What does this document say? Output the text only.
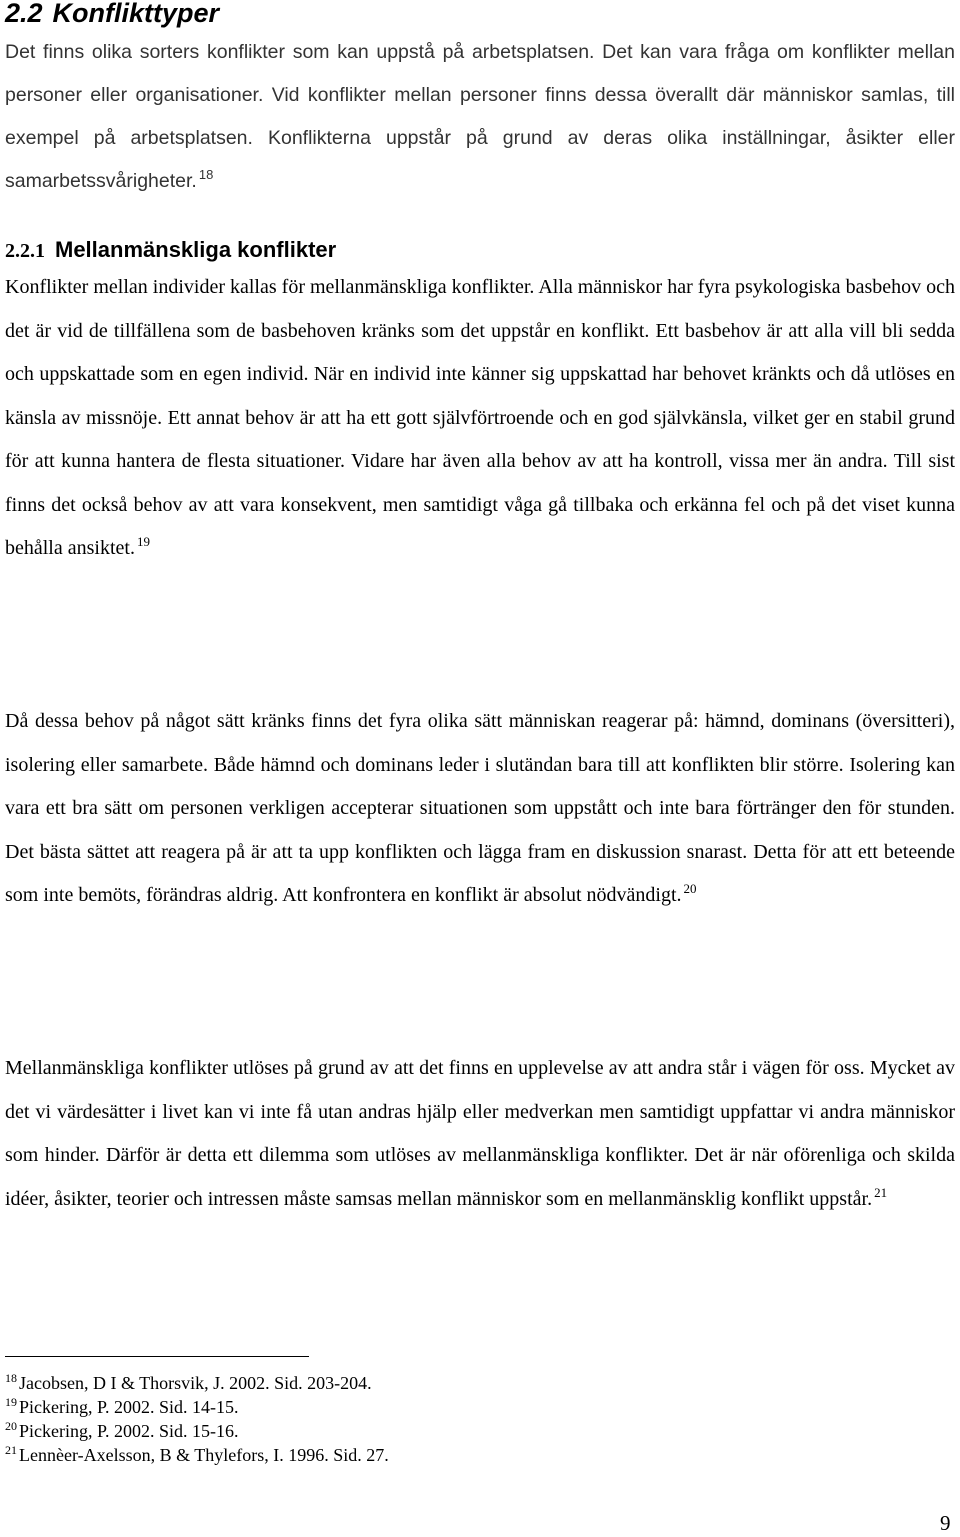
2.2 Konflikttyper

Det finns olika sorters konflikter som kan uppstå på arbetsplatsen. Det kan vara fråga om konflikter mellan personer eller organisationer. Vid konflikter mellan personer finns dessa överallt där människor samlas, till exempel på arbetsplatsen. Konflikterna uppstår på grund av deras olika inställningar, åsikter eller samarbetssvårigheter. $^{18}$

2.2.1 Mellanmänskliga konflikter

Konflikter mellan individer kallas för mellanmänskliga konflikter. Alla människor har fyra psykologiska basbehov och det är vid de tillfällena som de basbehoven kränks som det uppstår en konflikt. Ett basbehov är att alla vill bli sedda och uppskattade som en egen individ. När en individ inte känner sig uppskattad har behovet kränkts och då utlöses en känsla av missnöje. Ett annat behov är att ha ett gott självförtroende och en god självkänsla, vilket ger en stabil grund för att kunna hantera de flesta situationer. Vidare har även alla behov av att ha kontroll, vissa mer än andra. Till sist finns det också behov av att vara konsekvent, men samtidigt våga gå tillbaka och erkänna fel och på det viset kunna behålla ansiktet. $^{19}$

Då dessa behov på något sätt kränks finns det fyra olika sätt människan reagerar på: hämnd, dominans (översitteri), isolering eller samarbete. Både hämnd och dominans leder i slutändan bara till att konflikten blir större. Isolering kan vara ett bra sätt om personen verkligen accepterar situationen som uppstått och inte bara förtränger den för stunden. Det bästa sättet att reagera på är att ta upp konflikten och lägga fram en diskussion snarast. Detta för att ett beteende som inte bemöts, förändras aldrig. Att konfrontera en konflikt är absolut nödvändigt. $^{20}$

Mellanmänskliga konflikter utlöses på grund av att det finns en upplevelse av att andra står i vägen för oss. Mycket av det vi värdesätter i livet kan vi inte få utan andras hjälp eller medverkan men samtidigt uppfattar vi andra människor som hinder. Därför är detta ett dilemma som utlöses av mellanmänskliga konflikter. Det är när oförenliga och skilda idéer, åsikter, teorier och intressen måste samsas mellan människor som en mellanmänsklig konflikt uppstår. $^{21}$

$^{18}$ Jacobsen, D I & Thorsvik, J. 2002. Sid. 203-204.
$^{19}$ Pickering, P. 2002. Sid. 14-15.
$^{20}$ Pickering, P. 2002. Sid. 15-16.
$^{21}$ Lennèer-Axelsson, B & Thylefors, I. 1996. Sid. 27.
9
